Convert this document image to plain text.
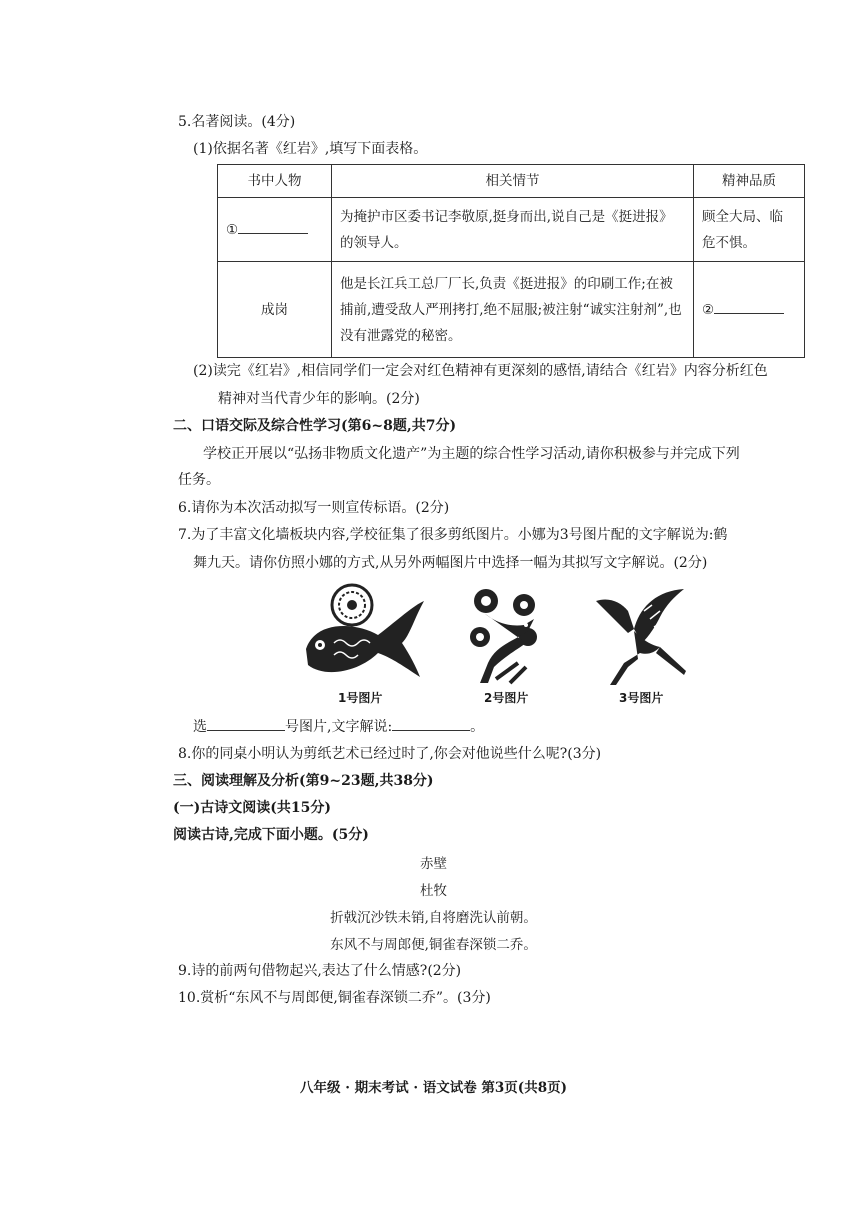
5.名著阅读。(4分)
(1)依据名著《红岩》,填写下面表格。
书中人物	相关情节	精神品质
①	为掩护市区委书记李敬原,挺身而出,说自己是《挺进报》的领导人。	顾全大局、临危不惧。
成岗	他是长江兵工总厂厂长,负责《挺进报》的印刷工作;在被捕前,遭受敌人严刑拷打,绝不屈服;被注射“诚实注射剂”,也没有泄露党的秘密。	②
(2)读完《红岩》,相信同学们一定会对红色精神有更深刻的感悟,请结合《红岩》内容分析红色
精神对当代青少年的影响。(2分)
二、口语交际及综合性学习(第6~8题,共7分)
学校正开展以“弘扬非物质文化遗产”为主题的综合性学习活动,请你积极参与并完成下列
任务。
6.请你为本次活动拟写一则宣传标语。(2分)
7.为了丰富文化墙板块内容,学校征集了很多剪纸图片。小娜为3号图片配的文字解说为:鹤
舞九天。请你仿照小娜的方式,从另外两幅图片中选择一幅为其拟写文字解说。(2分)
1号图片	2号图片	3号图片
选	号图片,文字解说:	。
8.你的同桌小明认为剪纸艺术已经过时了,你会对他说些什么呢?(3分)
三、阅读理解及分析(第9~23题,共38分)
(一)古诗文阅读(共15分)
阅读古诗,完成下面小题。(5分)
赤壁
杜牧
折戟沉沙铁未销,自将磨洗认前朝。
东风不与周郎便,铜雀春深锁二乔。
9.诗的前两句借物起兴,表达了什么情感?(2分)
10.赏析“东风不与周郎便,铜雀春深锁二乔”。(3分)
八年级 · 期末考试 · 语文试卷 第3页(共8页)
